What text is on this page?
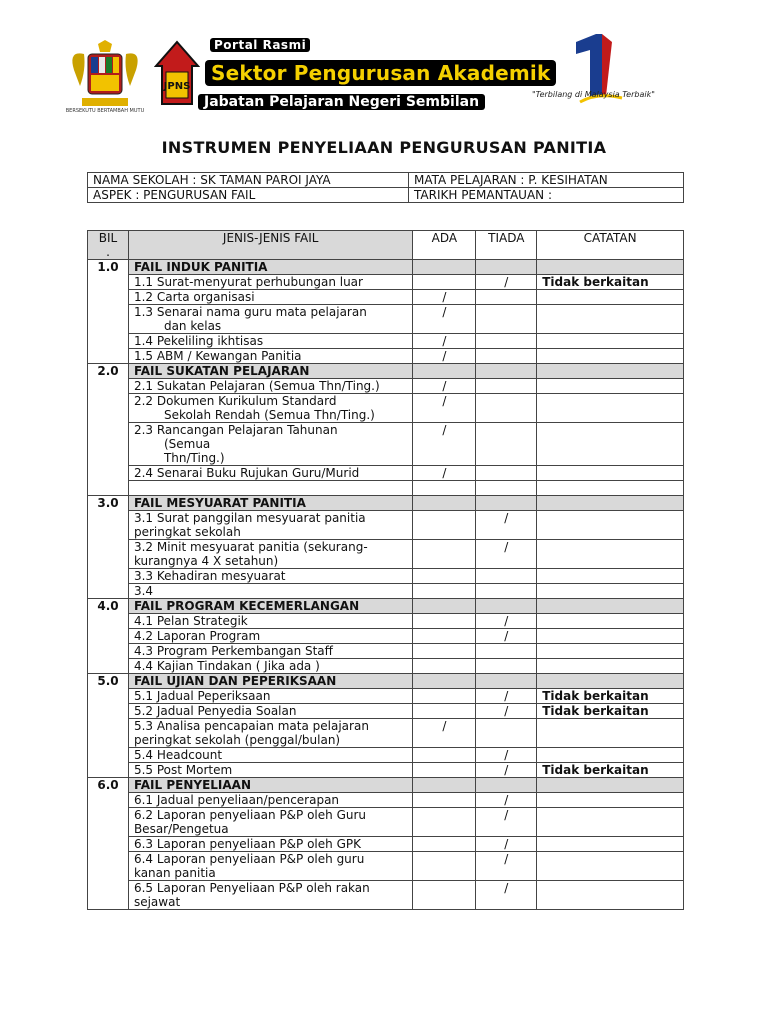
BERSEKUTU BERTAMBAH MUTU
JPNS
Portal Rasmi
Sektor Pengurusan Akademik
Jabatan Pelajaran Negeri Sembilan	"Terbilang di Malaysia Terbaik"
INSTRUMEN PENYELIAAN PENGURUSAN PANITIA
NAMA SEKOLAH : SK TAMAN PAROI JAYA	MATA PELAJARAN : P. KESIHATAN
ASPEK : PENGURUSAN FAIL	TARIKH PEMANTAUAN :
BIL
.	JENIS-JENIS FAIL	ADA	TIADA	CATATAN
1.0	FAIL INDUK PANITIA			

	1.1 Surat-menyurat perhubungan luar		/	Tidak berkaitan

	1.2 Carta organisasi	/		

	1.3 Senarai nama guru mata pelajaran
dan kelas	/		

	1.4 Pekeliling ikhtisas	/		

	1.5 ABM / Kewangan Panitia	/		
2.0	FAIL SUKATAN PELAJARAN			

	2.1 Sukatan Pelajaran (Semua Thn/Ting.)	/		

	2.2 Dokumen Kurikulum Standard
Sekolah Rendah (Semua Thn/Ting.)	/		

	2.3 Rancangan Pelajaran Tahunan
(Semua
Thn/Ting.)	/		

	2.4 Senarai Buku Rujukan Guru/Murid	/		

3.0	FAIL MESYUARAT PANITIA			

	3.1 Surat panggilan mesyuarat panitia
peringkat sekolah		/	

	3.2 Minit mesyuarat panitia (sekurang-
kurangnya 4 X setahun)		/	

	3.3 Kehadiran mesyuarat			

	3.4			

4.0	FAIL PROGRAM KECEMERLANGAN			

	4.1 Pelan Strategik		/	

	4.2 Laporan Program		/	

	4.3 Program Perkembangan Staff			

	4.4 Kajian Tindakan ( Jika ada )			

5.0	FAIL UJIAN DAN PEPERIKSAAN			

	5.1 Jadual Peperiksaan		/	Tidak berkaitan

	5.2 Jadual Penyedia Soalan		/	Tidak berkaitan

	5.3 Analisa pencapaian mata pelajaran
peringkat sekolah (penggal/bulan)	/		

	5.4 Headcount		/	

	5.5 Post Mortem		/	Tidak berkaitan
6.0	FAIL PENYELIAAN			

	6.1 Jadual penyeliaan/pencerapan		/	

	6.2 Laporan penyeliaan P&P oleh Guru
Besar/Pengetua		/	

	6.3 Laporan penyeliaan P&P oleh GPK		/	

	6.4 Laporan penyeliaan P&P oleh guru
kanan panitia		/	

	6.5 Laporan Penyeliaan P&P oleh rakan
sejawat		/	
